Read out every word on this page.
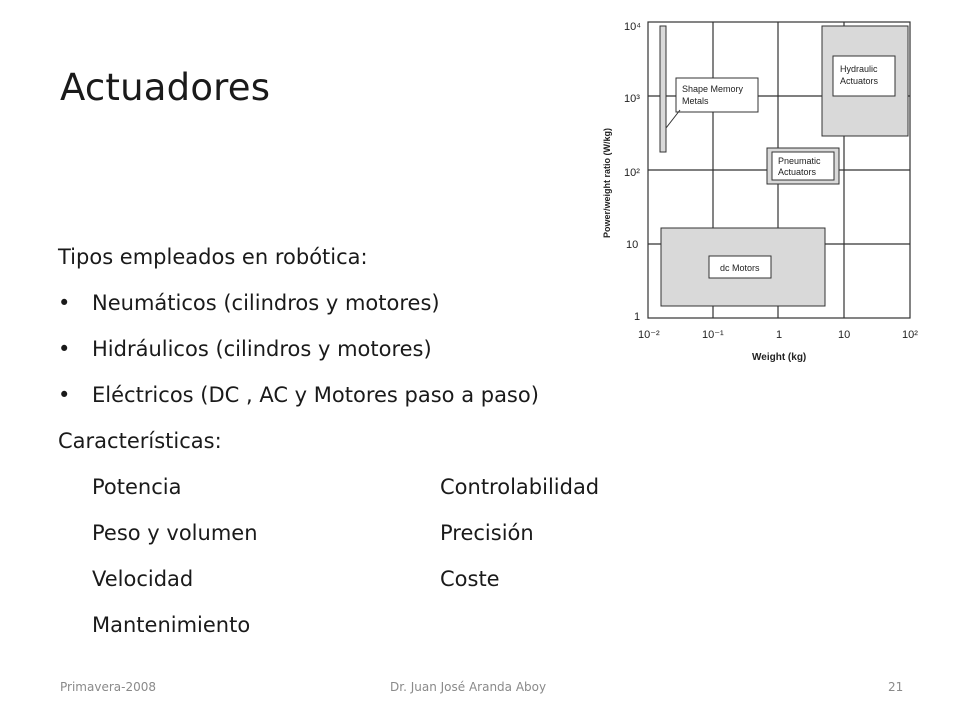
Actuadores
Tipos empleados en robótica:
• Neumáticos (cilindros y motores)
• Hidráulicos (cilindros y motores)
• Eléctricos (DC , AC y Motores paso a paso)
Características:
Potencia	Controlabilidad
Peso y volumen	Precisión
Velocidad	Coste
Mantenimiento
Shape Memory Metals
Hydraulic Actuators
Pneumatic Actuators
dc Motors
10⁴
10³
10²
10
1
10⁻²	10⁻¹	1	10	10²
Weight (kg)
Power/weight ratio (W/kg)
Primavera-2008	Dr. Juan José Aranda Aboy	21
